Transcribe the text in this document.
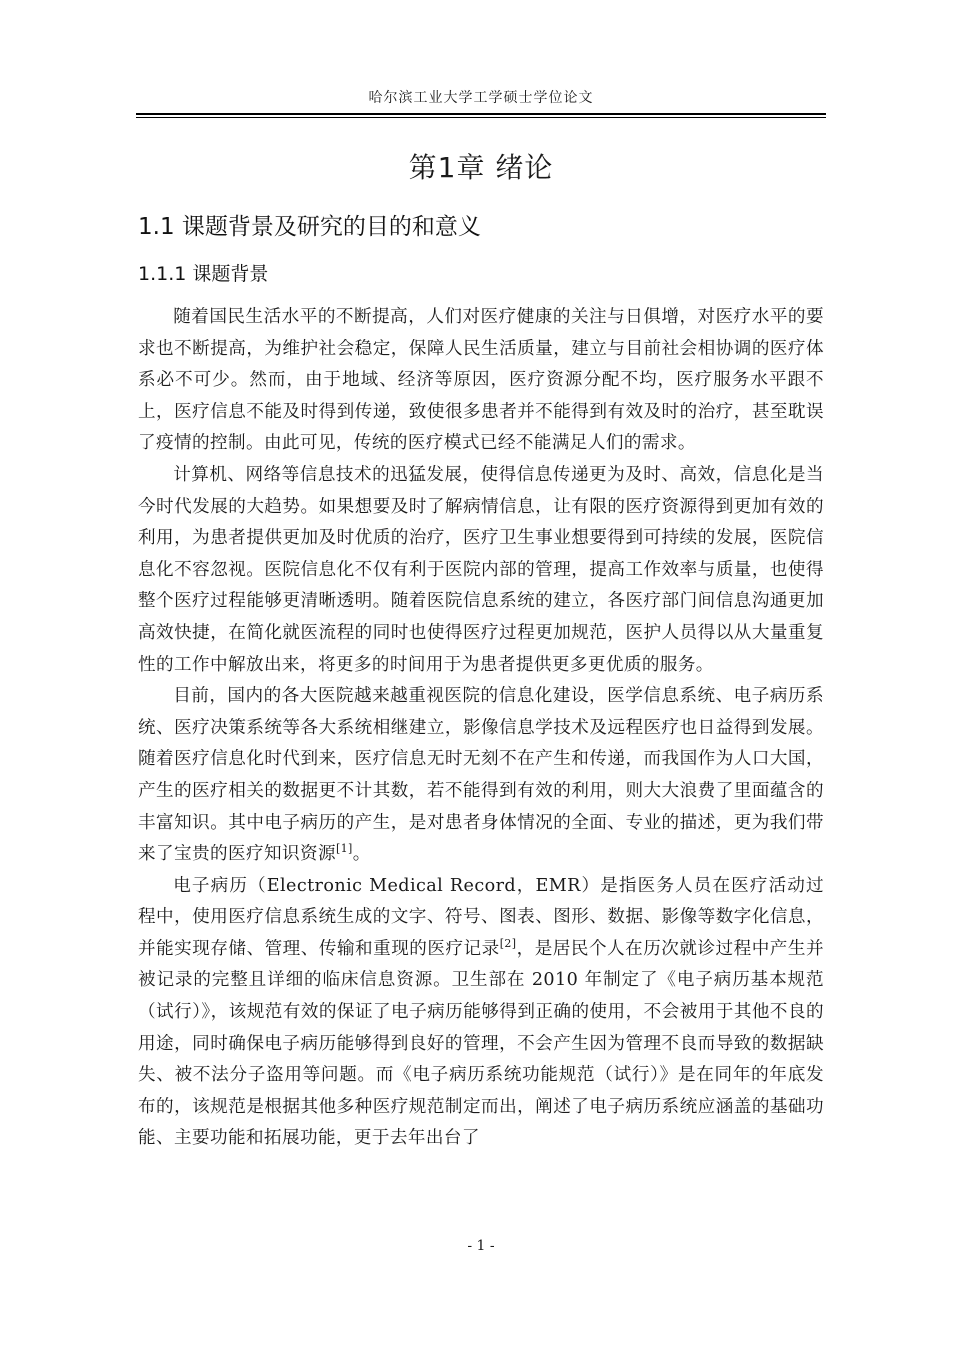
哈尔滨工业大学工学硕士学位论文
第1章 绪论
1.1 课题背景及研究的目的和意义
1.1.1 课题背景

随着国民生活水平的不断提高，人们对医疗健康的关注与日俱增，对医疗水平的要求也不断提高，为维护社会稳定，保障人民生活质量，建立与目前社会相协调的医疗体系必不可少。然而，由于地域、经济等原因，医疗资源分配不均，医疗服务水平跟不上，医疗信息不能及时得到传递，致使很多患者并不能得到有效及时的治疗，甚至耽误了疫情的控制。由此可见，传统的医疗模式已经不能满足人们的需求。

计算机、网络等信息技术的迅猛发展，使得信息传递更为及时、高效，信息化是当今时代发展的大趋势。如果想要及时了解病情信息，让有限的医疗资源得到更加有效的利用，为患者提供更加及时优质的治疗，医疗卫生事业想要得到可持续的发展，医院信息化不容忽视。医院信息化不仅有利于医院内部的管理，提高工作效率与质量，也使得整个医疗过程能够更清晰透明。随着医院信息系统的建立，各医疗部门间信息沟通更加高效快捷，在简化就医流程的同时也使得医疗过程更加规范，医护人员得以从大量重复性的工作中解放出来，将更多的时间用于为患者提供更多更优质的服务。

目前，国内的各大医院越来越重视医院的信息化建设，医学信息系统、电子病历系统、医疗决策系统等各大系统相继建立，影像信息学技术及远程医疗也日益得到发展。随着医疗信息化时代到来，医疗信息无时无刻不在产生和传递，而我国作为人口大国，产生的医疗相关的数据更不计其数，若不能得到有效的利用，则大大浪费了里面蕴含的丰富知识。其中电子病历的产生，是对患者身体情况的全面、专业的描述，更为我们带来了宝贵的医疗知识资源[1]。

电子病历（Electronic Medical Record，EMR）是指医务人员在医疗活动过程中，使用医疗信息系统生成的文字、符号、图表、图形、数据、影像等数字化信息，并能实现存储、管理、传输和重现的医疗记录[2]，是居民个人在历次就诊过程中产生并被记录的完整且详细的临床信息资源。卫生部在 2010 年制定了《电子病历基本规范（试行）》，该规范有效的保证了电子病历能够得到正确的使用，不会被用于其他不良的用途，同时确保电子病历能够得到良好的管理，不会产生因为管理不良而导致的数据缺失、被不法分子盗用等问题。而《电子病历系统功能规范（试行）》是在同年的年底发布的，该规范是根据其他多种医疗规范制定而出，阐述了电子病历系统应涵盖的基础功能、主要功能和拓展功能，更于去年出台了

- 1 -
